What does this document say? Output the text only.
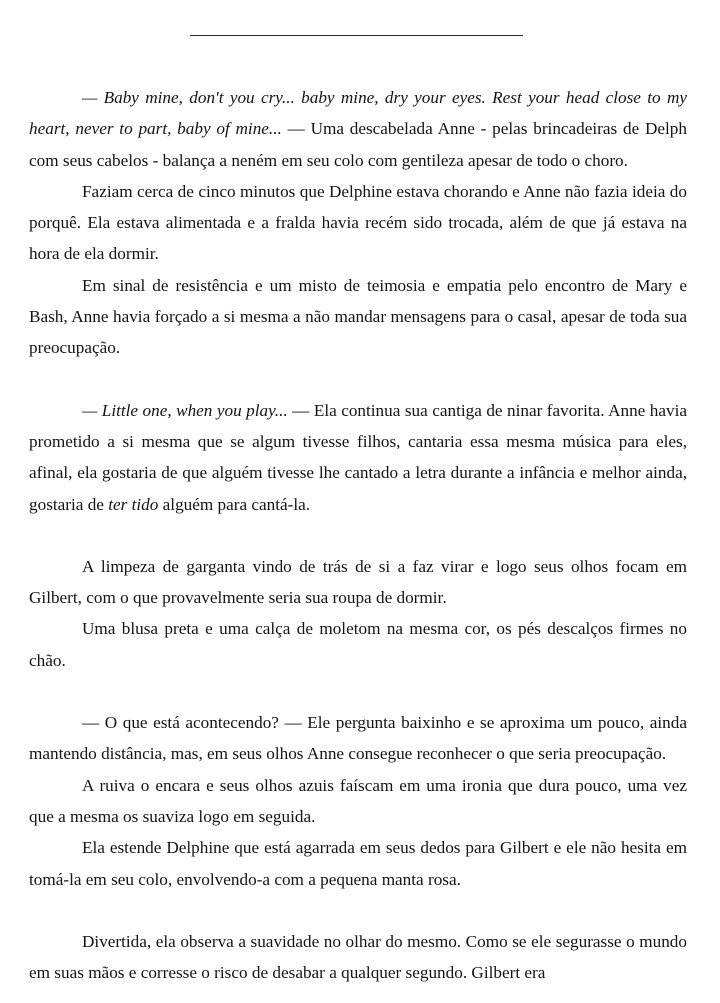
— Baby mine, don't you cry... baby mine, dry your eyes. Rest your head close to my heart, never to part, baby of mine... — Uma descabelada Anne - pelas brincadeiras de Delph com seus cabelos - balança a neném em seu colo com gentileza apesar de todo o choro.

Faziam cerca de cinco minutos que Delphine estava chorando e Anne não fazia ideia do porquê. Ela estava alimentada e a fralda havia recém sido trocada, além de que já estava na hora de ela dormir.

Em sinal de resistência e um misto de teimosia e empatia pelo encontro de Mary e Bash, Anne havia forçado a si mesma a não mandar mensagens para o casal, apesar de toda sua preocupação.

— Little one, when you play... — Ela continua sua cantiga de ninar favorita. Anne havia prometido a si mesma que se algum tivesse filhos, cantaria essa mesma música para eles, afinal, ela gostaria de que alguém tivesse lhe cantado a letra durante a infância e melhor ainda, gostaria de ter tido alguém para cantá-la.

A limpeza de garganta vindo de trás de si a faz virar e logo seus olhos focam em Gilbert, com o que provavelmente seria sua roupa de dormir.

Uma blusa preta e uma calça de moletom na mesma cor, os pés descalços firmes no chão.

— O que está acontecendo? — Ele pergunta baixinho e se aproxima um pouco, ainda mantendo distância, mas, em seus olhos Anne consegue reconhecer o que seria preocupação.

A ruiva o encara e seus olhos azuis faíscam em uma ironia que dura pouco, uma vez que a mesma os suaviza logo em seguida.

Ela estende Delphine que está agarrada em seus dedos para Gilbert e ele não hesita em tomá-la em seu colo, envolvendo-a com a pequena manta rosa.

Divertida, ela observa a suavidade no olhar do mesmo. Como se ele segurasse o mundo em suas mãos e corresse o risco de desabar a qualquer segundo. Gilbert era
